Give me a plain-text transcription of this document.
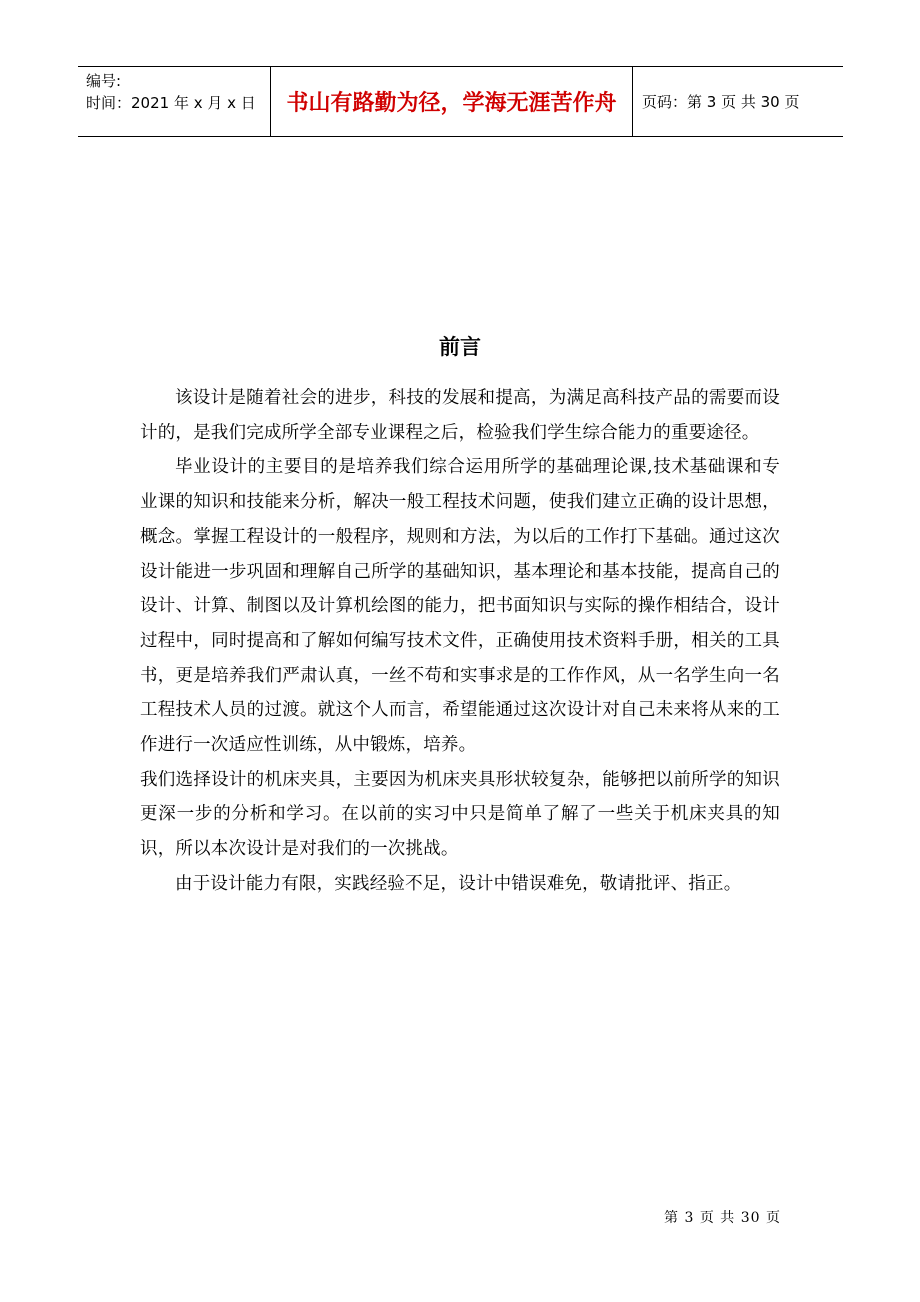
编号:
时间：2021 年 x 月 x 日	书山有路勤为径，学海无涯苦作舟	页码：第 3 页 共 30 页
前言

该设计是随着社会的进步，科技的发展和提高，为满足高科技产品的需要而设计的，是我们完成所学全部专业课程之后，检验我们学生综合能力的重要途径。

毕业设计的主要目的是培养我们综合运用所学的基础理论课,技术基础课和专业课的知识和技能来分析，解决一般工程技术问题，使我们建立正确的设计思想，概念。掌握工程设计的一般程序，规则和方法，为以后的工作打下基础。通过这次设计能进一步巩固和理解自己所学的基础知识，基本理论和基本技能，提高自己的设计、计算、制图以及计算机绘图的能力，把书面知识与实际的操作相结合，设计过程中，同时提高和了解如何编写技术文件，正确使用技术资料手册，相关的工具书，更是培养我们严肃认真，一丝不苟和实事求是的工作作风，从一名学生向一名工程技术人员的过渡。就这个人而言，希望能通过这次设计对自己未来将从来的工作进行一次适应性训练，从中锻炼，培养。

我们选择设计的机床夹具，主要因为机床夹具形状较复杂，能够把以前所学的知识更深一步的分析和学习。在以前的实习中只是简单了解了一些关于机床夹具的知识，所以本次设计是对我们的一次挑战。

由于设计能力有限，实践经验不足，设计中错误难免，敬请批评、指正。

第 3 页 共 30 页
